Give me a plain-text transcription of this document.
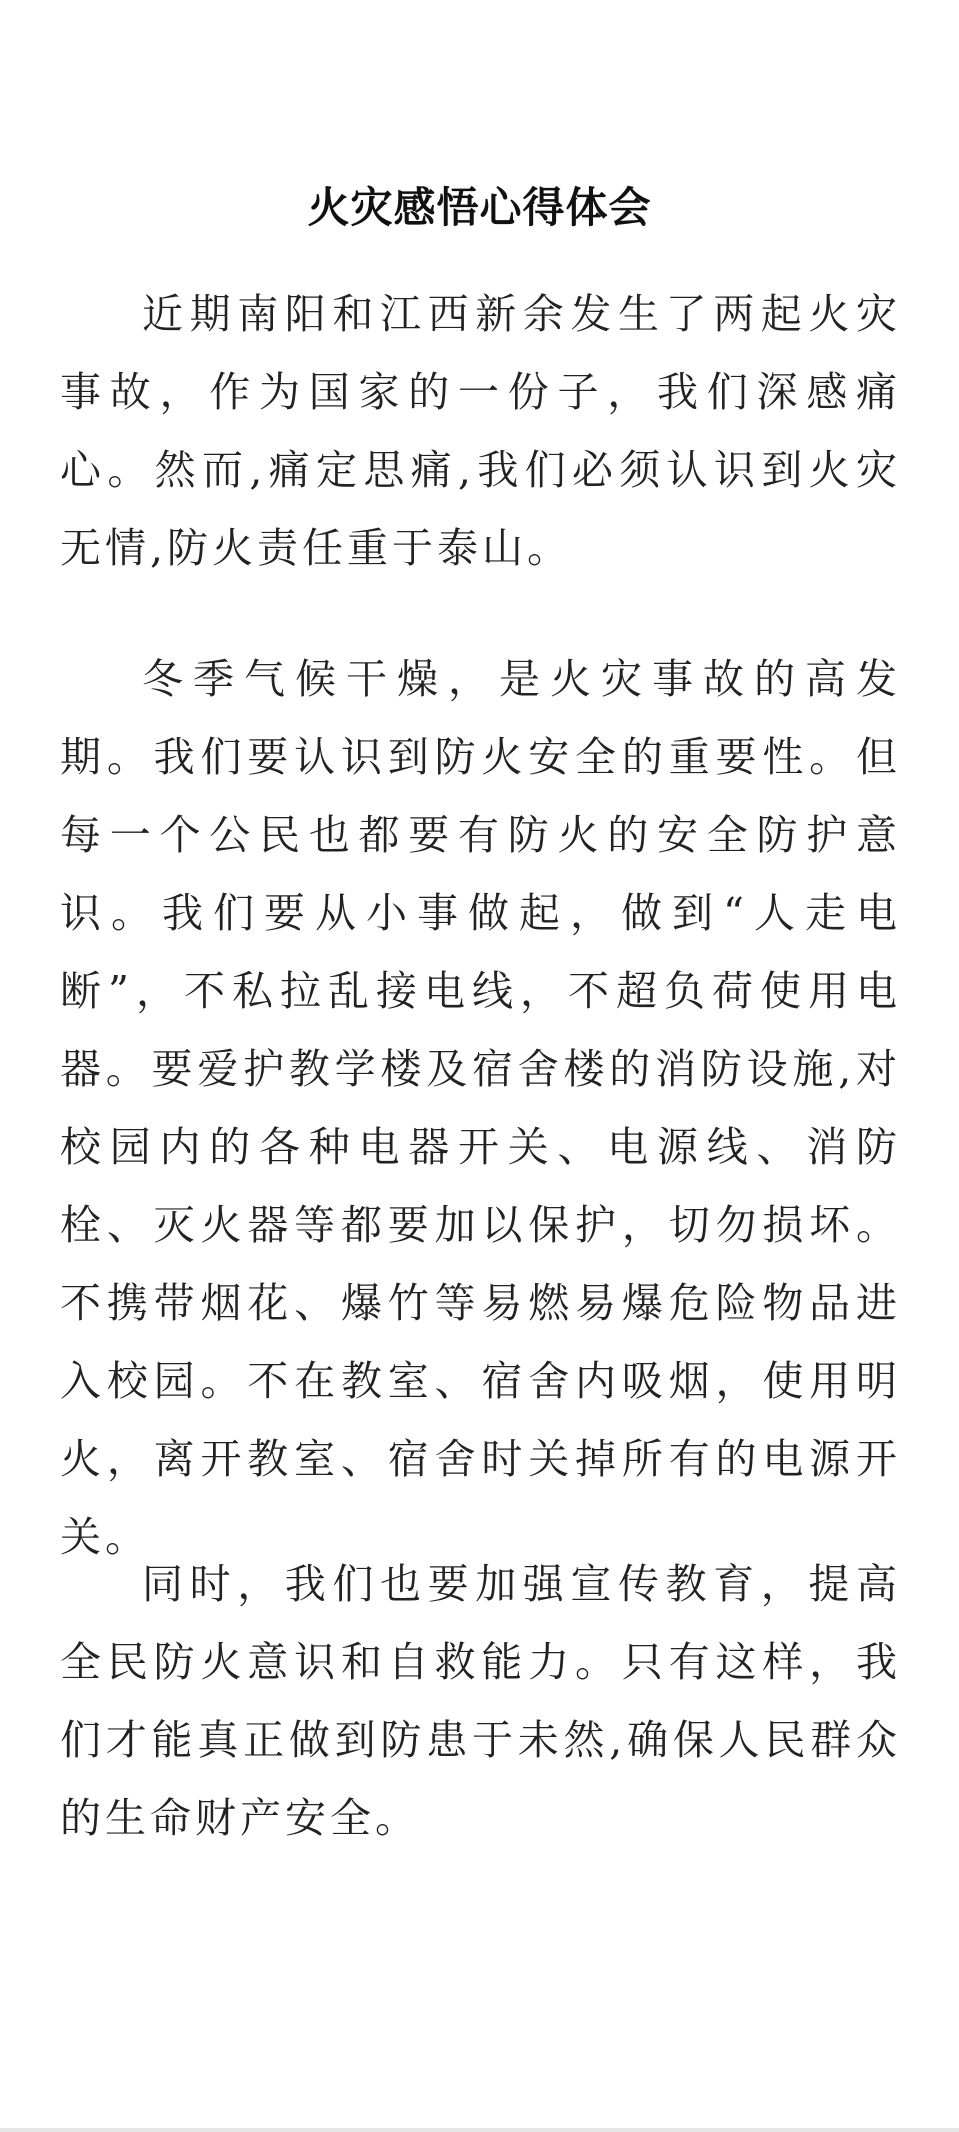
火灾感悟心得体会

近期南阳和江西新余发生了两起火灾事故，作为国家的一份子，我们深感痛心。然而,痛定思痛,我们必须认识到火灾无情,防火责任重于泰山。

冬季气候干燥，是火灾事故的高发期。我们要认识到防火安全的重要性。但每一个公民也都要有防火的安全防护意识。我们要从小事做起，做到“人走电断”，不私拉乱接电线，不超负荷使用电器。要爱护教学楼及宿舍楼的消防设施,对校园内的各种电器开关、电源线、消防栓、灭火器等都要加以保护，切勿损坏。不携带烟花、爆竹等易燃易爆危险物品进入校园。不在教室、宿舍内吸烟，使用明火，离开教室、宿舍时关掉所有的电源开关。

同时，我们也要加强宣传教育，提高全民防火意识和自救能力。只有这样，我们才能真正做到防患于未然,确保人民群众的生命财产安全。
